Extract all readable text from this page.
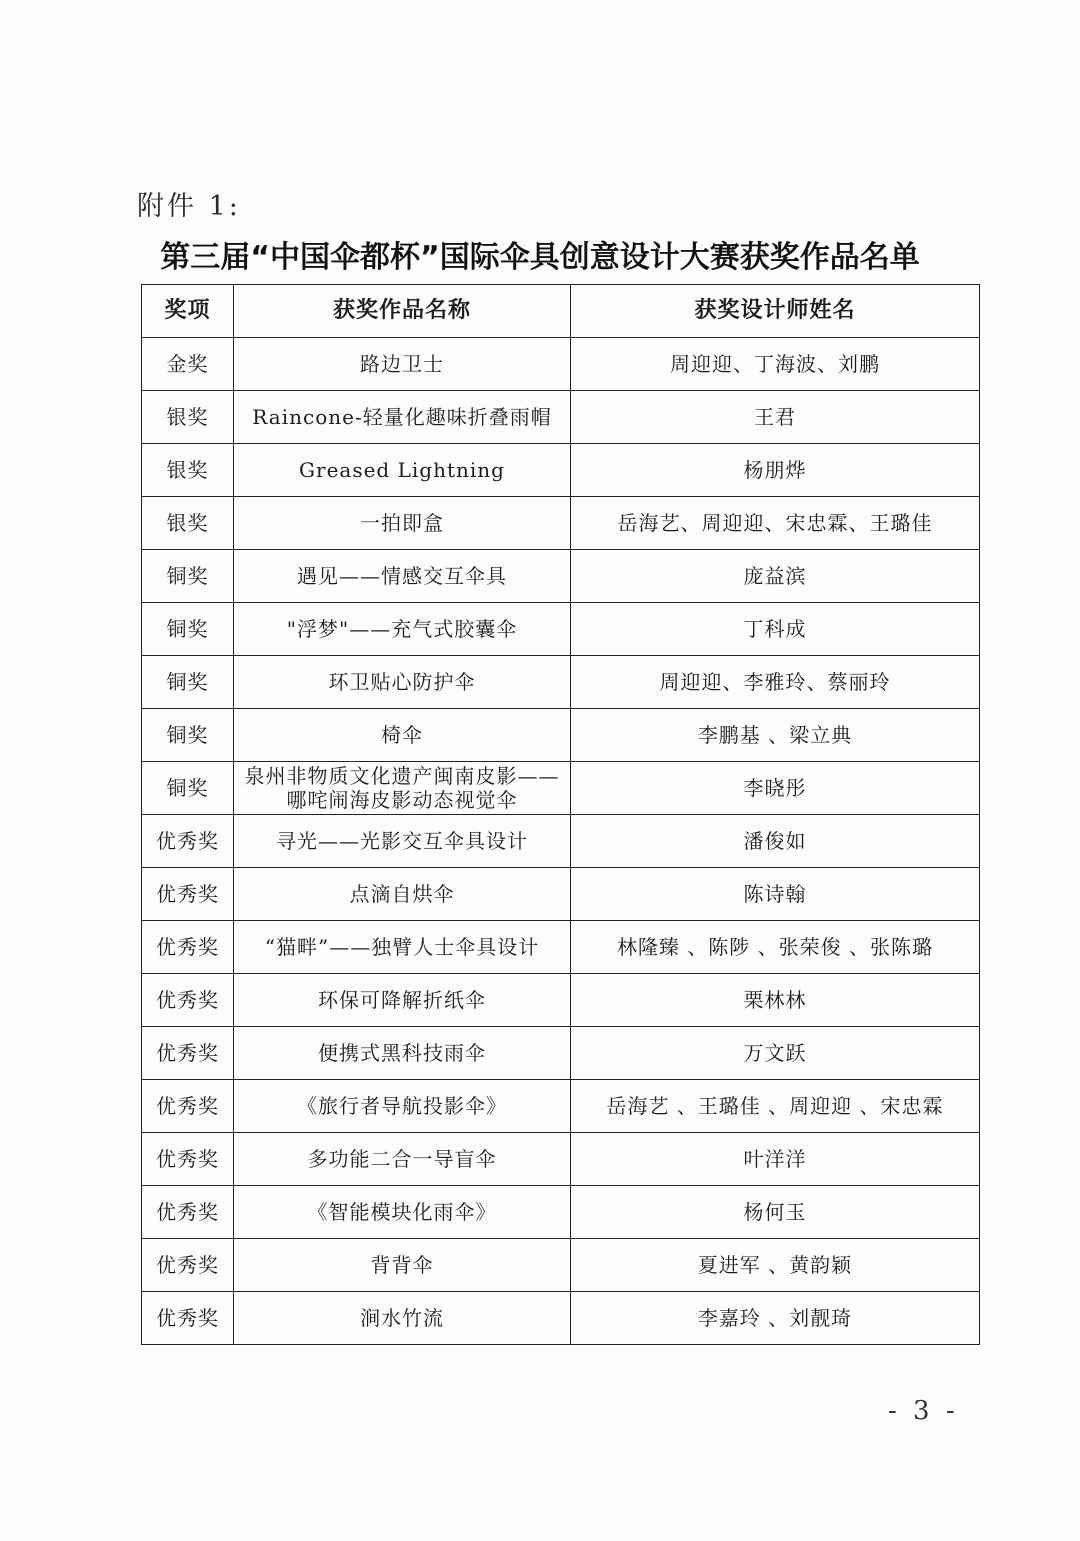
附件 1:
第三届“中国伞都杯”国际伞具创意设计大赛获奖作品名单
奖项	获奖作品名称	获奖设计师姓名
金奖	路边卫士	周迎迎、丁海波、刘鹏
银奖	Raincone-轻量化趣味折叠雨帽	王君
银奖	Greased Lightning	杨朋烨
银奖	一拍即盒	岳海艺、周迎迎、宋忠霖、王璐佳
铜奖	遇见——情感交互伞具	庞益滨
铜奖	"浮梦"——充气式胶囊伞	丁科成
铜奖	环卫贴心防护伞	周迎迎、李雅玲、蔡丽玲
铜奖	椅伞	李鹏基 、梁立典
铜奖	泉州非物质文化遗产闽南皮影——哪咤闹海皮影动态视觉伞	李晓彤
优秀奖	寻光——光影交互伞具设计	潘俊如
优秀奖	点滴自烘伞	陈诗翰
优秀奖	“猫畔”——独臂人士伞具设计	林隆臻 、陈陟 、张荣俊 、张陈璐
优秀奖	环保可降解折纸伞	栗林林
优秀奖	便携式黑科技雨伞	万文跃
优秀奖	《旅行者导航投影伞》	岳海艺 、王璐佳 、周迎迎 、宋忠霖
优秀奖	多功能二合一导盲伞	叶洋洋
优秀奖	《智能模块化雨伞》	杨何玉
优秀奖	背背伞	夏进军 、黄韵颖
优秀奖	涧水竹流	李嘉玲 、刘靓琦
- 3 -
